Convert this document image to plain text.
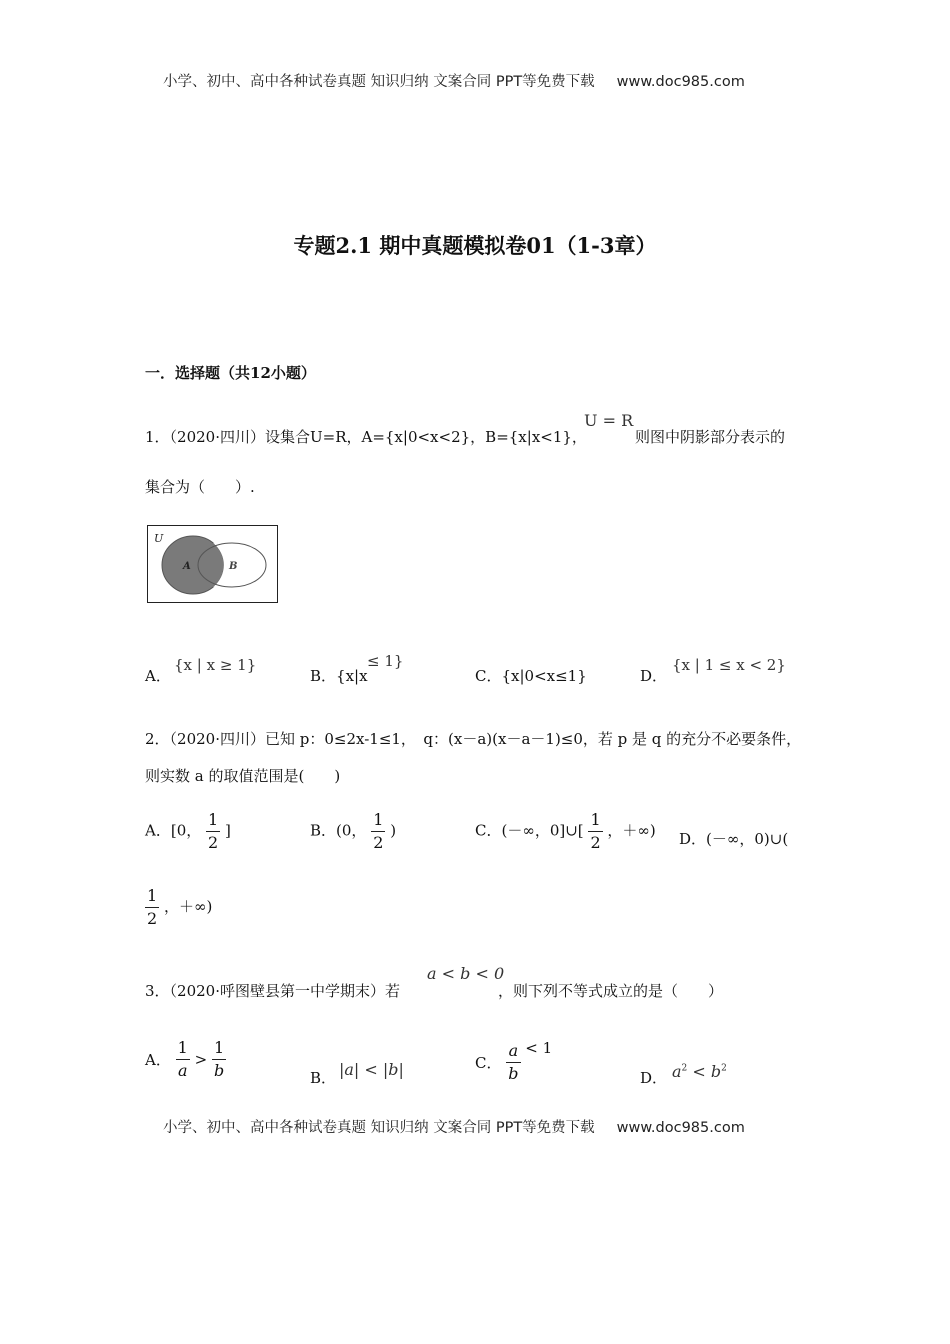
小学、初中、高中各种试卷真题 知识归纳 文案合同 PPT等免费下载 www.doc985.com
专题2.1 期中真题模拟卷01（1-3章）
一．选择题（共12小题）
1．（2020·四川）设集合U=R，A={x|0<x<2}，B={x|x<1}，
U = R
则图中阴影部分表示的
集合为（　　）.
U
A	B
A．
{x | x ≥ 1}
B．{x|x
≤ 1}
C．{x|0<x≤1}	D．
{x | 1 ≤ x < 2}
2．（2020·四川）已知 p：0≤2x-1≤1，　q：(x－a)(x－a－1)≤0，若 p 是 q 的充分不必要条件，
则实数 a 的取值范围是(　　)
A．[0， $\frac{1}{2}$ ]	B．(0， $\frac{1}{2}$ )	C．(－∞，0]∪[ $\frac{1}{2}$ ，＋∞) D．(－∞，0)∪(
$\frac{1}{2}$ ，＋∞)
3．（2020·呼图壁县第一中学期末）若
a < b < 0
，则下列不等式成立的是（　　）
A． $\frac{1}{a} > \frac{1}{b}$	B． |a| < |b|	C． $\frac{a}{b} < 1$
D． $a^2 < b^2$
小学、初中、高中各种试卷真题 知识归纳 文案合同 PPT等免费下载 www.doc985.com
